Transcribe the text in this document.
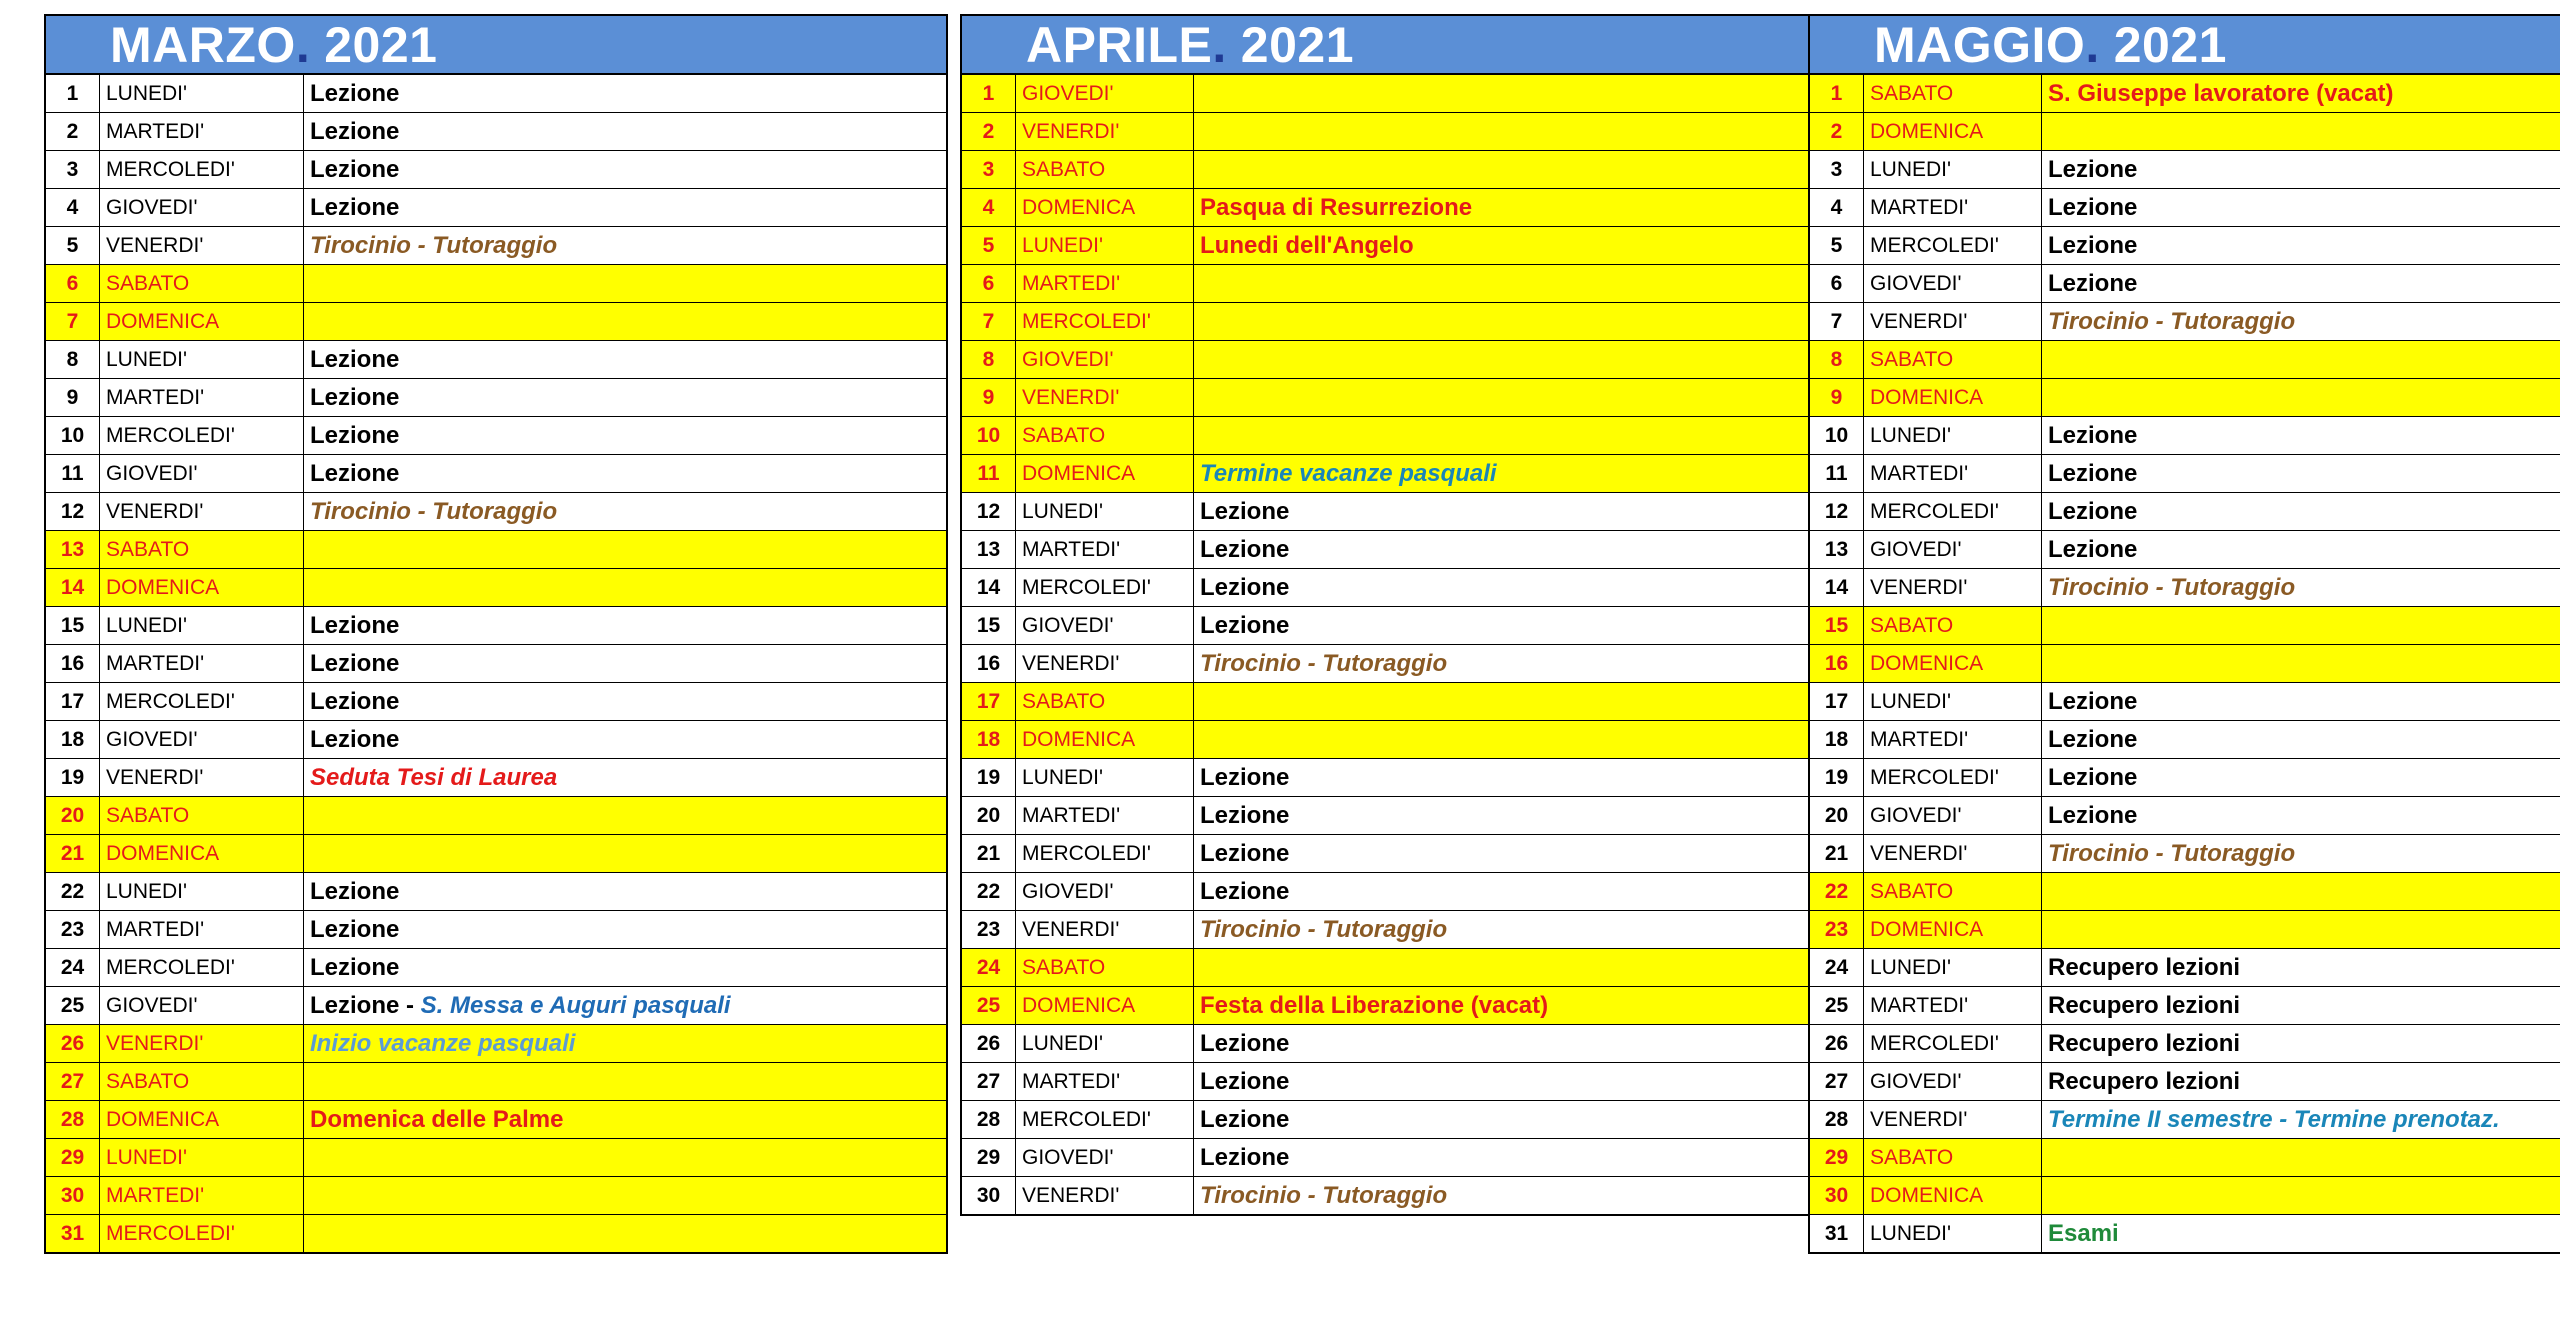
MARZO . 2021
1	LUNEDI'	Lezione
2	MARTEDI'	Lezione
3	MERCOLEDI'	Lezione
4	GIOVEDI'	Lezione
5	VENERDI'	Tirocinio - Tutoraggio
6	SABATO
7	DOMENICA
8	LUNEDI'	Lezione
9	MARTEDI'	Lezione
10	MERCOLEDI'	Lezione
11	GIOVEDI'	Lezione
12	VENERDI'	Tirocinio - Tutoraggio
13	SABATO
14	DOMENICA
15	LUNEDI'	Lezione
16	MARTEDI'	Lezione
17	MERCOLEDI'	Lezione
18	GIOVEDI'	Lezione
19	VENERDI'	Seduta Tesi di Laurea
20	SABATO
21	DOMENICA
22	LUNEDI'	Lezione
23	MARTEDI'	Lezione
24	MERCOLEDI'	Lezione
25	GIOVEDI'	Lezione - S. Messa e Auguri pasquali
26	VENERDI'	Inizio vacanze pasquali
27	SABATO
28	DOMENICA	Domenica delle Palme
29	LUNEDI'
30	MARTEDI'
31	MERCOLEDI'
APRILE . 2021
1	GIOVEDI'
2	VENERDI'
3	SABATO
4	DOMENICA	Pasqua di Resurrezione
5	LUNEDI'	Lunedi dell'Angelo
6	MARTEDI'
7	MERCOLEDI'
8	GIOVEDI'
9	VENERDI'
10	SABATO
11	DOMENICA	Termine vacanze pasquali
12	LUNEDI'	Lezione
13	MARTEDI'	Lezione
14	MERCOLEDI'	Lezione
15	GIOVEDI'	Lezione
16	VENERDI'	Tirocinio - Tutoraggio
17	SABATO
18	DOMENICA
19	LUNEDI'	Lezione
20	MARTEDI'	Lezione
21	MERCOLEDI'	Lezione
22	GIOVEDI'	Lezione
23	VENERDI'	Tirocinio - Tutoraggio
24	SABATO
25	DOMENICA	Festa della Liberazione (vacat)
26	LUNEDI'	Lezione
27	MARTEDI'	Lezione
28	MERCOLEDI'	Lezione
29	GIOVEDI'	Lezione
30	VENERDI'	Tirocinio - Tutoraggio
MAGGIO . 2021
1	SABATO	S. Giuseppe lavoratore (vacat)
2	DOMENICA
3	LUNEDI'	Lezione
4	MARTEDI'	Lezione
5	MERCOLEDI'	Lezione
6	GIOVEDI'	Lezione
7	VENERDI'	Tirocinio - Tutoraggio
8	SABATO
9	DOMENICA
10	LUNEDI'	Lezione
11	MARTEDI'	Lezione
12	MERCOLEDI'	Lezione
13	GIOVEDI'	Lezione
14	VENERDI'	Tirocinio - Tutoraggio
15	SABATO
16	DOMENICA
17	LUNEDI'	Lezione
18	MARTEDI'	Lezione
19	MERCOLEDI'	Lezione
20	GIOVEDI'	Lezione
21	VENERDI'	Tirocinio - Tutoraggio
22	SABATO
23	DOMENICA
24	LUNEDI'	Recupero lezioni
25	MARTEDI'	Recupero lezioni
26	MERCOLEDI'	Recupero lezioni
27	GIOVEDI'	Recupero lezioni
28	VENERDI'	Termine II semestre - Termine prenotaz.
29	SABATO
30	DOMENICA
31	LUNEDI'	Esami
